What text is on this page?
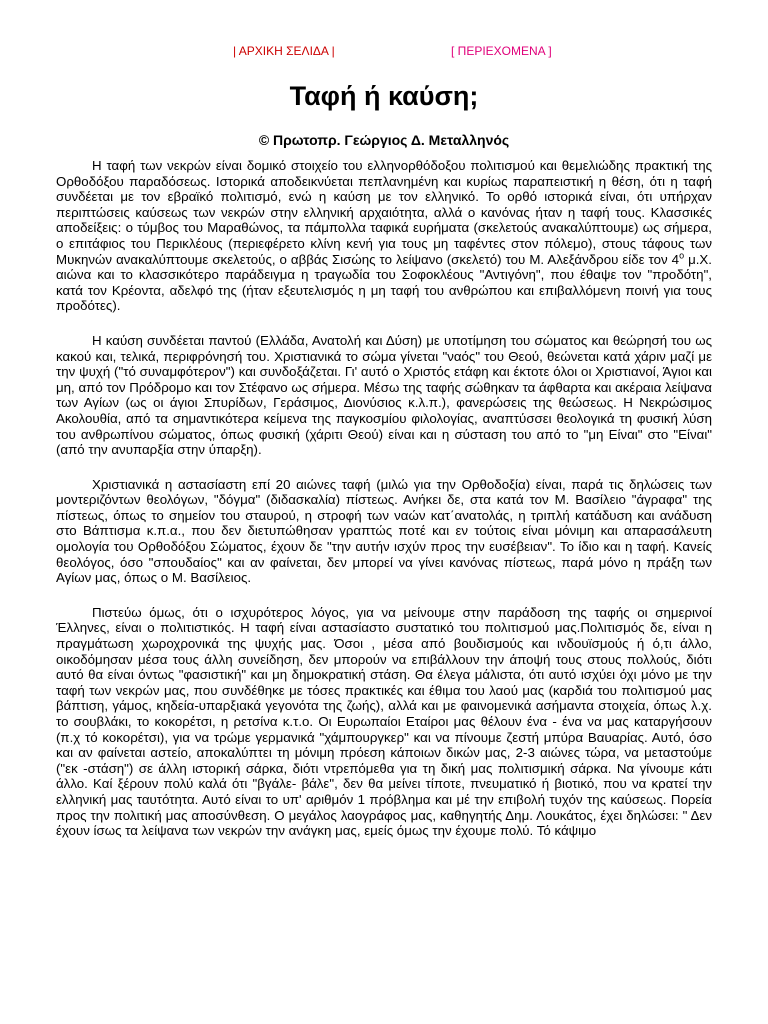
| ΑΡΧΙΚΗ ΣΕΛΙΔΑ |	[ ΠΕΡΙΕΧΟΜΕΝΑ ]
Ταφή ή καύση;
© Πρωτοπρ. Γεώργιος Δ. Μεταλληνός

Η ταφή των νεκρών είναι δομικό στοιχείο του ελληνορθόδοξου πολιτισμού και θεμελιώδης πρακτική της Ορθοδόξου παραδόσεως. Ιστορικά αποδεικνύεται πεπλανημένη και κυρίως παραπειστική η θέση, ότι η ταφή συνδέεται με τον εβραϊκό πολιτισμό, ενώ η καύση με τον ελληνικό. Το ορθό ιστορικά είναι, ότι υπήρχαν περιπτώσεις καύσεως των νεκρών στην ελληνική αρχαιότητα, αλλά ο κανόνας ήταν η ταφή τους. Κλασσικές αποδείξεις: ο τύμβος του Μαραθώνος, τα πάμπολλα ταφικά ευρήματα (σκελετούς ανακαλύπτουμε) ως σήμερα, ο επιτάφιος του Περικλέους (περιεφέρετο κλίνη κενή για τους μη ταφέντες στον πόλεμο), στους τάφους των Μυκηνών ανακαλύπτουμε σκελετούς, ο αββάς Σισώης το λείψανο (σκελετό) του Μ. Αλεξάνδρου είδε τον $4^o$ μ.Χ. αιώνα και το κλασσικότερο παράδειγμα η τραγωδία του Σοφοκλέους "Αντιγόνη", που έθαψε τον "προδότη", κατά τον Κρέοντα, αδελφό της (ήταν εξευτελισμός η μη ταφή του ανθρώπου και επιβαλλόμενη ποινή για τους προδότες).

Η καύση συνδέεται παντού (Ελλάδα, Ανατολή και Δύση) με υποτίμηση του σώματος και θεώρησή του ως κακού και, τελικά, περιφρόνησή του. Χριστιανικά το σώμα γίνεται "ναός" του Θεού, θεώνεται κατά χάριν μαζί με την ψυχή ("τό συναμφότερον") και συνδοξάζεται. Γι' αυτό ο Χριστός ετάφη και έκτοτε όλοι οι Χριστιανοί, Άγιοι και μη, από τον Πρόδρομο και τον Στέφανο ως σήμερα. Μέσω της ταφής σώθηκαν τα άφθαρτα και ακέραια λείψανα των Αγίων (ως οι άγιοι Σπυρίδων, Γεράσιμος, Διονύσιος κ.λ.π.), φανερώσεις της θεώσεως. Η Νεκρώσιμος Ακολουθία, από τα σημαντικότερα κείμενα της παγκοσμίου φιλολογίας, αναπτύσσει θεολογικά τη φυσική λύση του ανθρωπίνου σώματος, όπως φυσική (χάριτι Θεού) είναι και η σύσταση του από το "μη Είναι" στο "Είναι" (από την ανυπαρξία στην ύπαρξη).

Χριστιανικά η αστασίαστη επί 20 αιώνες ταφή (μιλώ για την Ορθοδοξία) είναι, παρά τις δηλώσεις των μοντεριζόντων θεολόγων, "δόγμα" (διδασκαλία) πίστεως. Ανήκει δε, στα κατά τον Μ. Βασίλειο "άγραφα" της πίστεως, όπως το σημείον του σταυρού, η στροφή των ναών κατ΄ανατολάς, η τριπλή κατάδυση και ανάδυση στο Βάπτισμα κ.π.α., που δεν διετυπώθησαν γραπτώς ποτέ και εν τούτοις είναι μόνιμη και απαρασάλευτη ομολογία του Ορθοδόξου Σώματος, έχουν δε "την αυτήν ισχύν προς την ευσέβειαν". Το ίδιο και η ταφή. Κανείς θεολόγος, όσο "σπουδαίος" και αν φαίνεται, δεν μπορεί να γίνει κανόνας πίστεως, παρά μόνο η πράξη των Αγίων μας, όπως ο Μ. Βασίλειος.

Πιστεύω όμως, ότι ο ισχυρότερος λόγος, για να μείνουμε στην παράδοση της ταφής οι σημερινοί Έλληνες, είναι ο πολιτιστικός. Η ταφή είναι αστασίαστο συστατικό του πολιτισμού μας.Πολιτισμός δε, είναι η πραγμάτωση χωροχρονικά της ψυχής μας. Όσοι , μέσα από βουδισμούς και ινδουϊσμούς ή ό,τι άλλο, οικοδόμησαν μέσα τους άλλη συνείδηση, δεν μπορούν να επιβάλλουν την άποψή τους στους πολλούς, διότι αυτό θα είναι όντως "φασιστική" και μη δημοκρατική στάση. Θα έλεγα μάλιστα, ότι αυτό ισχύει όχι μόνο με την ταφή των νεκρών μας, που συνδέθηκε με τόσες πρακτικές και έθιμα του λαού μας (καρδιά του πολιτισμού μας βάπτιση, γάμος, κηδεία-υπαρξιακά γεγονότα της ζωής), αλλά και με φαινομενικά ασήμαντα στοιχεία, όπως λ.χ. το σουβλάκι, το κοκορέτσι, η ρετσίνα κ.τ.ο. Οι Ευρωπαίοι Εταίροι μας θέλουν ένα - ένα να μας καταργήσουν (π.χ τό κοκορέτσι), για να τρώμε γερμανικά "χάμπουργκερ" και να πίνουμε ζεστή μπύρα Βαυαρίας. Αυτό, όσο και αν φαίνεται αστείο, αποκαλύπτει τη μόνιμη πρόεση κάποιων δικών μας, 2-3 αιώνες τώρα, να μεταστούμε ("εκ -στάση") σε άλλη ιστορική σάρκα, διότι ντρεπόμεθα για τη δική μας πολιτισμική σάρκα. Να γίνουμε κάτι άλλο. Καί ξέρουν πολύ καλά ότι "βγάλε- βάλε", δεν θα μείνει τίποτε, πνευματικό ή βιοτικό, που να κρατεί την ελληνική μας ταυτότητα. Αυτό είναι το υπ' αριθμόν 1 πρόβλημα και μέ την επιβολή τυχόν της καύσεως. Πορεία προς την πολιτική μας αποσύνθεση. Ο μεγάλος λαογράφος μας, καθηγητής Δημ. Λουκάτος, έχει δηλώσει: " Δεν έχουν ίσως τα λείψανα των νεκρών την ανάγκη μας, εμείς όμως την έχουμε πολύ. Τό κάψιμο
